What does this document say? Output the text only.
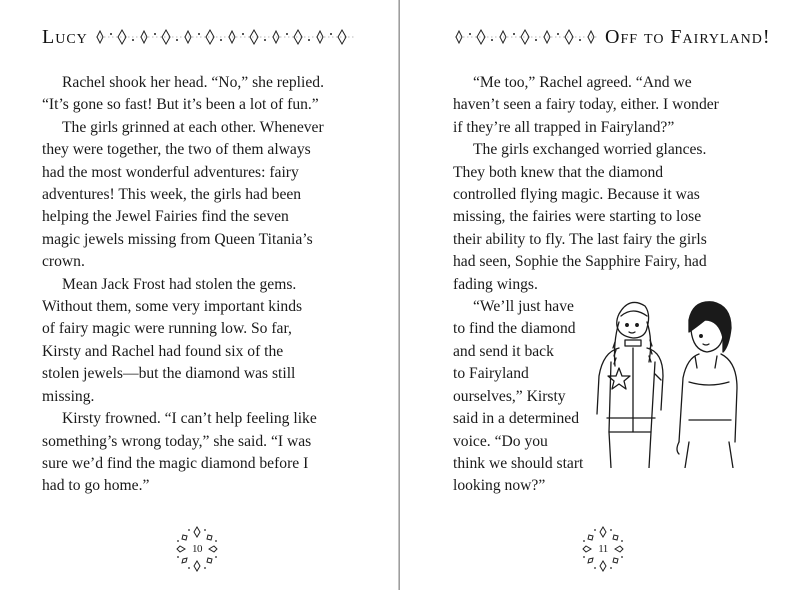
Lucy
Rachel shook her head. “No,” she replied.
“It’s gone so fast! But it’s been a lot of fun.”
The girls grinned at each other. Whenever
they were together, the two of them always
had the most wonderful adventures: fairy
adventures! This week, the girls had been
helping the Jewel Fairies find the seven
magic jewels missing from Queen Titania’s
crown.
Mean Jack Frost had stolen the gems.
Without them, some very important kinds
of fairy magic were running low. So far,
Kirsty and Rachel had found six of the
stolen jewels—but the diamond was still
missing.
Kirsty frowned. “I can’t help feeling like
something’s wrong today,” she said. “I was
sure we’d find the magic diamond before I
had to go home.”
10
Off to Fairyland!
“Me too,” Rachel agreed. “And we
haven’t seen a fairy today, either. I wonder
if they’re all trapped in Fairyland?”
The girls exchanged worried glances.
They both knew that the diamond
controlled flying magic. Because it was
missing, the fairies were starting to lose
their ability to fly. The last fairy the girls
had seen, Sophie the Sapphire Fairy, had
fading wings.
“We’ll just have
to find the diamond
and send it back
to Fairyland
ourselves,” Kirsty
said in a determined
voice. “Do you
think we should start
looking now?”
11
